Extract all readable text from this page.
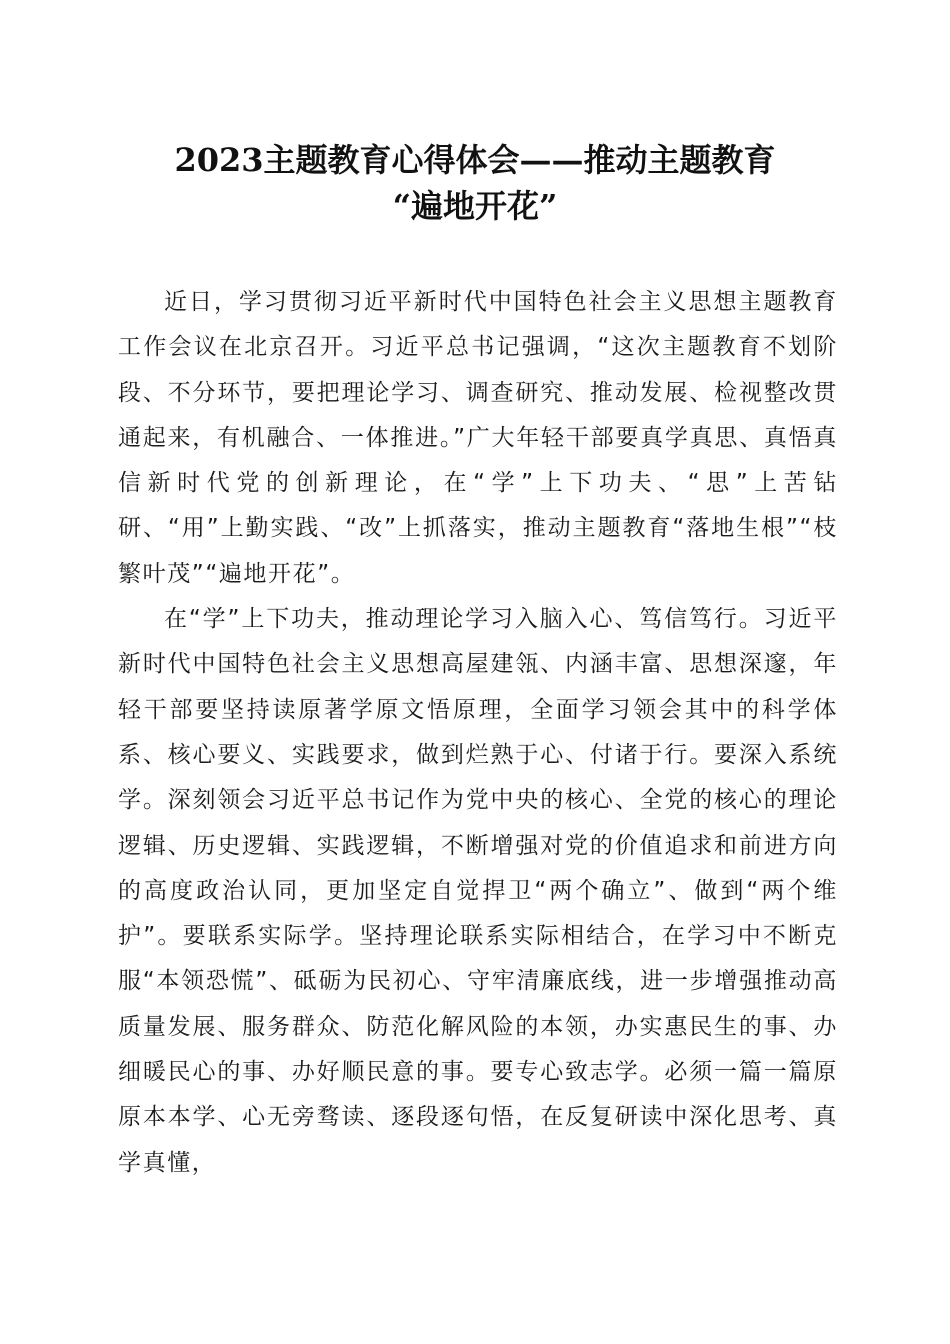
2023主题教育心得体会——推动主题教育
“遍地开花”

近日，学习贯彻习近平新时代中国特色社会主义思想主题教育工作会议在北京召开。习近平总书记强调，“这次主题教育不划阶段、不分环节，要把理论学习、调查研究、推动发展、检视整改贯通起来，有机融合、一体推进。”广大年轻干部要真学真思、真悟真信新时代党的创新理论，在“学”上下功夫、“思”上苦钻研、“用”上勤实践、“改”上抓落实，推动主题教育“落地生根”“枝繁叶茂”“遍地开花”。

在“学”上下功夫，推动理论学习入脑入心、笃信笃行。习近平新时代中国特色社会主义思想高屋建瓴、内涵丰富、思想深邃，年轻干部要坚持读原著学原文悟原理，全面学习领会其中的科学体系、核心要义、实践要求，做到烂熟于心、付诸于行。要深入系统学。深刻领会习近平总书记作为党中央的核心、全党的核心的理论逻辑、历史逻辑、实践逻辑，不断增强对党的价值追求和前进方向的高度政治认同，更加坚定自觉捍卫“两个确立”、做到“两个维护”。要联系实际学。坚持理论联系实际相结合，在学习中不断克服“本领恐慌”、砥砺为民初心、守牢清廉底线，进一步增强推动高质量发展、服务群众、防范化解风险的本领，办实惠民生的事、办细暖民心的事、办好顺民意的事。要专心致志学。必须一篇一篇原原本本学、心无旁骛读、逐段逐句悟，在反复研读中深化思考、真学真懂，
